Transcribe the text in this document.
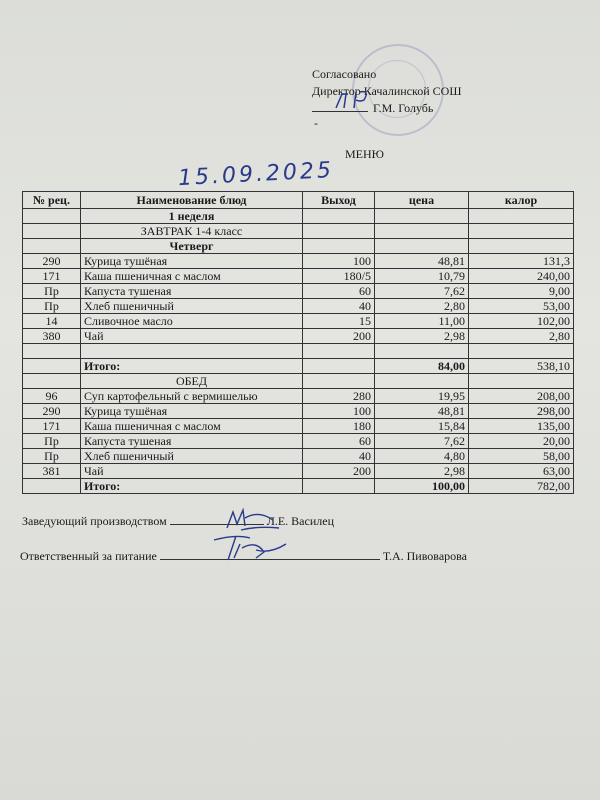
Согласовано
Директор Качалинской СОШ
Г.М. Голубь
-
МЕНЮ
15.09.2025
№ рец.	Наименование блюд	Выход	цена	калор
	1 неделя			
	ЗАВТРАК 1-4 класс			
	Четверг			
290	Курица тушёная	100	48,81	131,3
171	Каша пшеничная с маслом	180/5	10,79	240,00
Пр	Капуста тушеная	60	7,62	9,00
Пр	Хлеб пшеничный	40	2,80	53,00
14	Сливочное масло	15	11,00	102,00
380	Чай	200	2,98	2,80

	Итого:		84,00	538,10
	ОБЕД			
96	Суп картофельный с вермишелью	280	19,95	208,00
290	Курица тушёная	100	48,81	298,00
171	Каша пшеничная с маслом	180	15,84	135,00
Пр	Капуста тушеная	60	7,62	20,00
Пр	Хлеб пшеничный	40	4,80	58,00
381	Чай	200	2,98	63,00
	Итого:		100,00	782,00
Заведующий производством	Л.Е. Василец
Ответственный за питание	Т.А. Пивоварова
